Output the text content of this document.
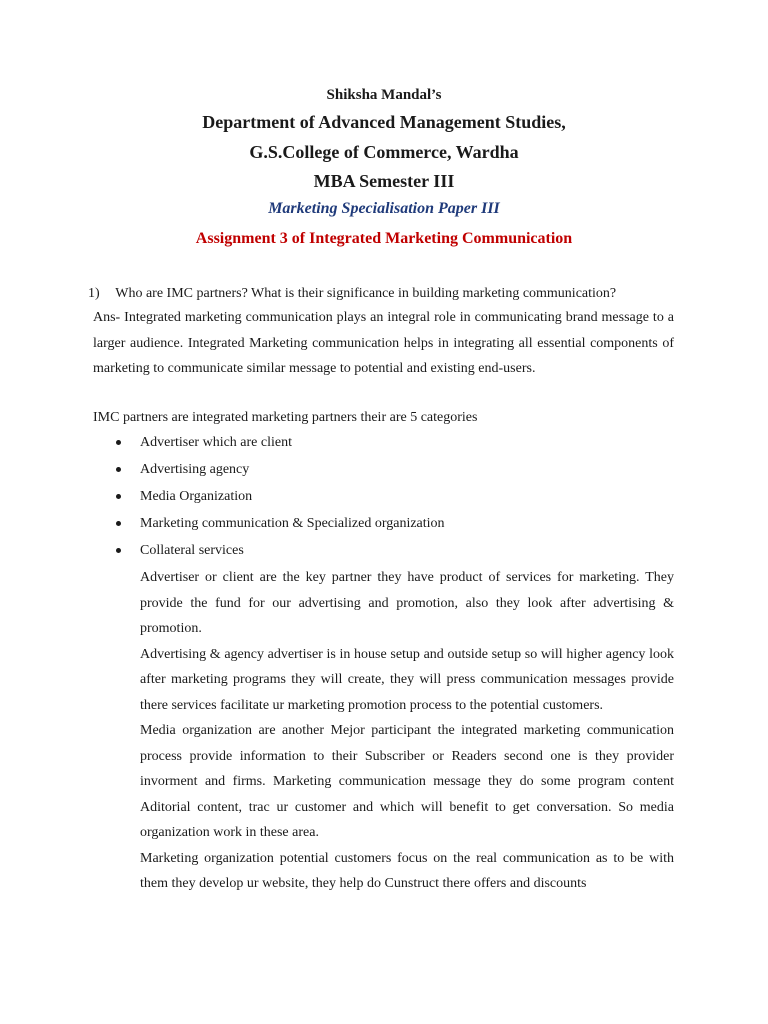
Shiksha Mandal’s
Department of Advanced Management Studies,
G.S.College of Commerce, Wardha
MBA Semester III
Marketing Specialisation Paper III
Assignment 3 of Integrated Marketing Communication
1) Who are IMC partners? What is their significance in building marketing communication?

Ans- Integrated marketing communication plays an integral role in communicating brand message to a larger audience. Integrated Marketing communication helps in integrating all essential components of marketing to communicate similar message to potential and existing end-users.

IMC partners are integrated marketing partners their are 5 categories
Advertiser which are client
Advertising agency
Media Organization
Marketing communication & Specialized organization
Collateral services

Advertiser or client are the key partner they have product of services for marketing. They provide the fund for our advertising and promotion, also they look after advertising & promotion.

Advertising & agency advertiser is in house setup and outside setup so will higher agency look after marketing programs they will create, they will press communication messages provide there services facilitate ur marketing promotion process to the potential customers.

Media organization are another Mejor participant the integrated marketing communication process provide information to their Subscriber or Readers second one is they provider invorment and firms. Marketing communication message they do some program content Aditorial content, trac ur customer and which will benefit to get conversation. So media organization work in these area.

Marketing organization potential customers focus on the real communication as to be with them they develop ur website, they help do Cunstruct there offers and discounts
